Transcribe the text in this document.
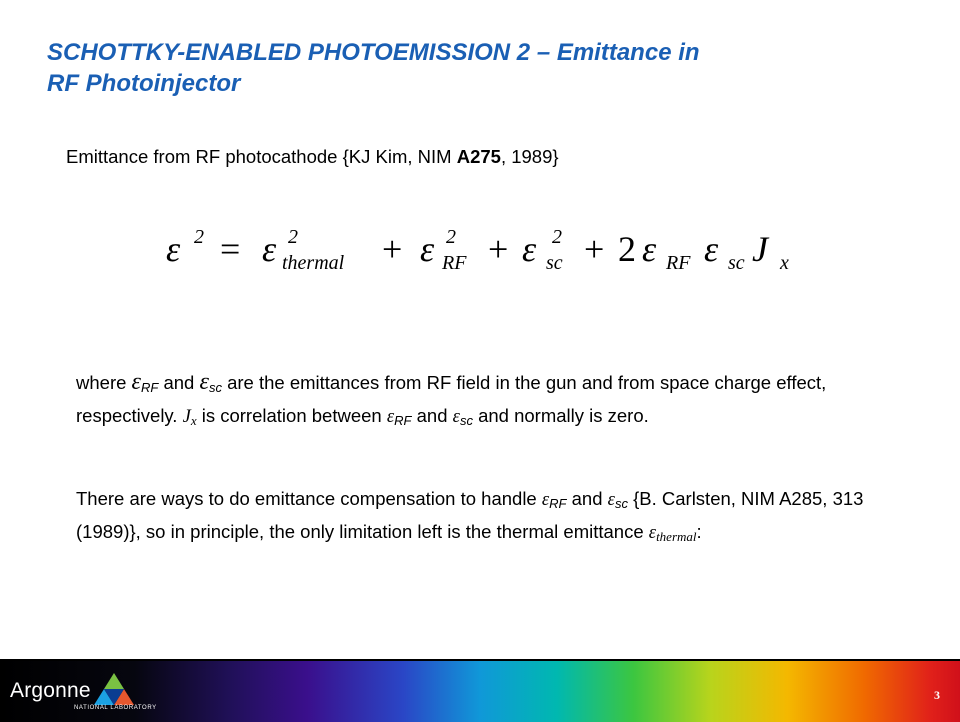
SCHOTTKY-ENABLED PHOTOEMISSION 2 – Emittance in
RF Photoinjector
Emittance from RF photocathode {KJ Kim, NIM A275, 1989}
ε 2 = ε 2
thermal + ε 2
RF + ε 2
sc + 2 ε RF ε sc J x
where εRF and εsc are the emittances from RF field in the gun and from space charge effect, respectively. Jx is correlation between εRF and εsc and normally is zero.
There are ways to do emittance compensation to handle εRF and εsc {B. Carlsten, NIM A285, 313 (1989)}, so in principle, the only limitation left is the thermal emittance εthermal:
Argonne
NATIONAL LABORATORY
3
